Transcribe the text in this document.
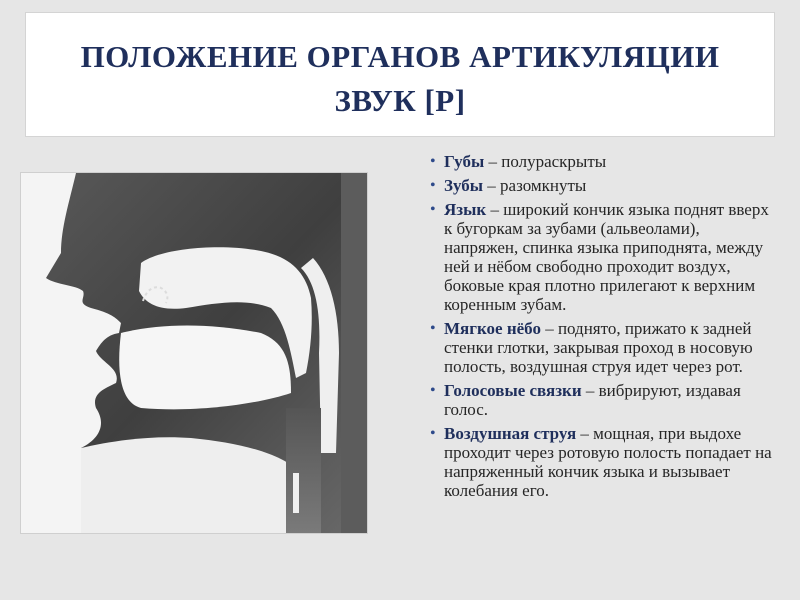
ПОЛОЖЕНИЕ ОРГАНОВ АРТИКУЛЯЦИИ
ЗВУК [Р]
• Губы – полураскрыты
• Зубы – разомкнуты
• Язык – широкий кончик языка поднят вверх к бугоркам за зубами (альвеолами), напряжен, спинка языка приподнята, между ней и нёбом свободно проходит воздух, боковые края плотно прилегают к верхним коренным зубам.
• Мягкое нёбо – поднято, прижато к задней стенки глотки, закрывая проход в носовую полость, воздушная струя идет через рот.
• Голосовые связки – вибрируют, издавая голос.
• Воздушная струя – мощная, при выдохе проходит через ротовую полость попадает на напряженный кончик языка и вызывает колебания его.
